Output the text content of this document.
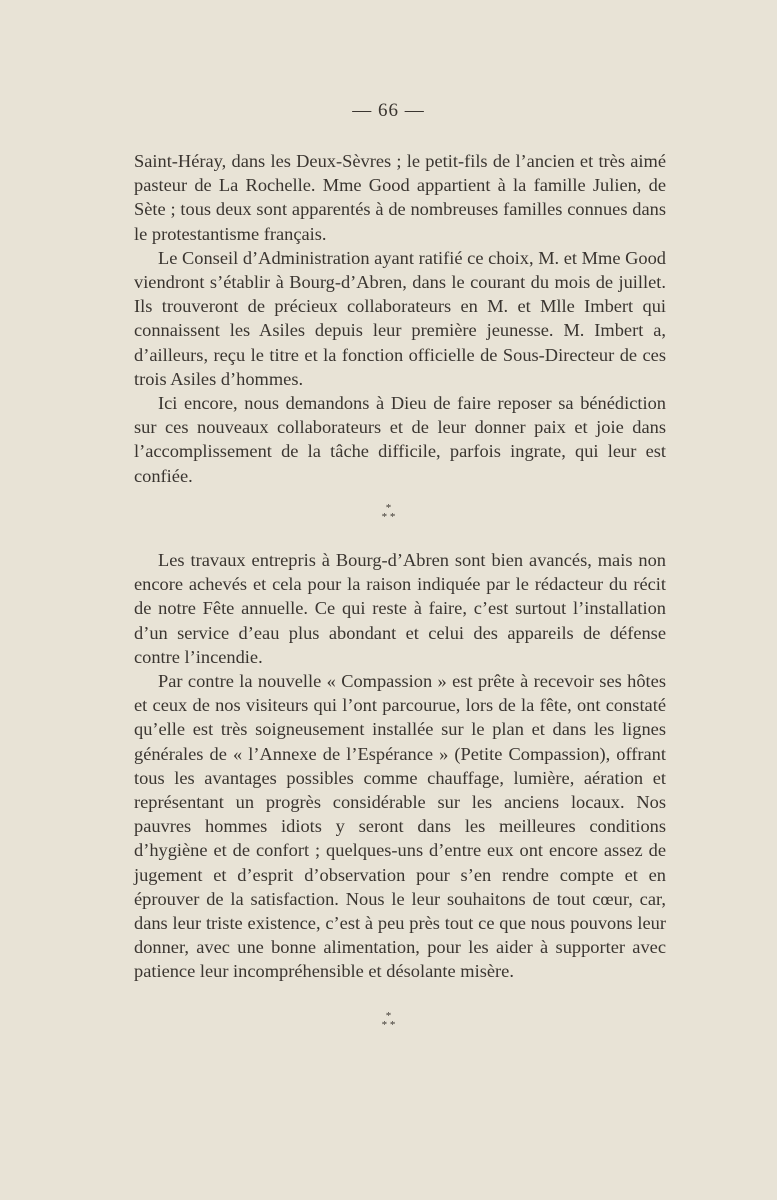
— 66 —

Saint-Héray, dans les Deux-Sèvres ; le petit-fils de l’ancien et très aimé pasteur de La Rochelle. Mme Good appartient à la famille Julien, de Sète ; tous deux sont apparentés à de nombreuses familles connues dans le protestantisme français.

Le Conseil d’Administration ayant ratifié ce choix, M. et Mme Good viendront s’établir à Bourg-d’Abren, dans le courant du mois de juillet. Ils trouveront de précieux collaborateurs en M. et Mlle Imbert qui connaissent les Asiles depuis leur première jeunesse. M. Imbert a, d’ailleurs, reçu le titre et la fonction officielle de Sous-Directeur de ces trois Asiles d’hommes.

Ici encore, nous demandons à Dieu de faire reposer sa bénédiction sur ces nouveaux collaborateurs et de leur donner paix et joie dans l’accomplissement de la tâche difficile, parfois ingrate, qui leur est confiée.

*
* *

Les travaux entrepris à Bourg-d’Abren sont bien avancés, mais non encore achevés et cela pour la raison indiquée par le rédacteur du récit de notre Fête annuelle. Ce qui reste à faire, c’est surtout l’installation d’un service d’eau plus abondant et celui des appareils de défense contre l’incendie.

Par contre la nouvelle « Compassion » est prête à recevoir ses hôtes et ceux de nos visiteurs qui l’ont parcourue, lors de la fête, ont constaté qu’elle est très soigneusement installée sur le plan et dans les lignes générales de « l’Annexe de l’Espérance » (Petite Compassion), offrant tous les avantages possibles comme chauffage, lumière, aération et représentant un progrès considérable sur les anciens locaux. Nos pauvres hommes idiots y seront dans les meilleures conditions d’hygiène et de confort ; quelques-uns d’entre eux ont encore assez de jugement et d’esprit d’observation pour s’en rendre compte et en éprouver de la satisfaction. Nous le leur souhaitons de tout cœur, car, dans leur triste existence, c’est à peu près tout ce que nous pouvons leur donner, avec une bonne alimentation, pour les aider à supporter avec patience leur incompréhensible et désolante misère.

*
* *
